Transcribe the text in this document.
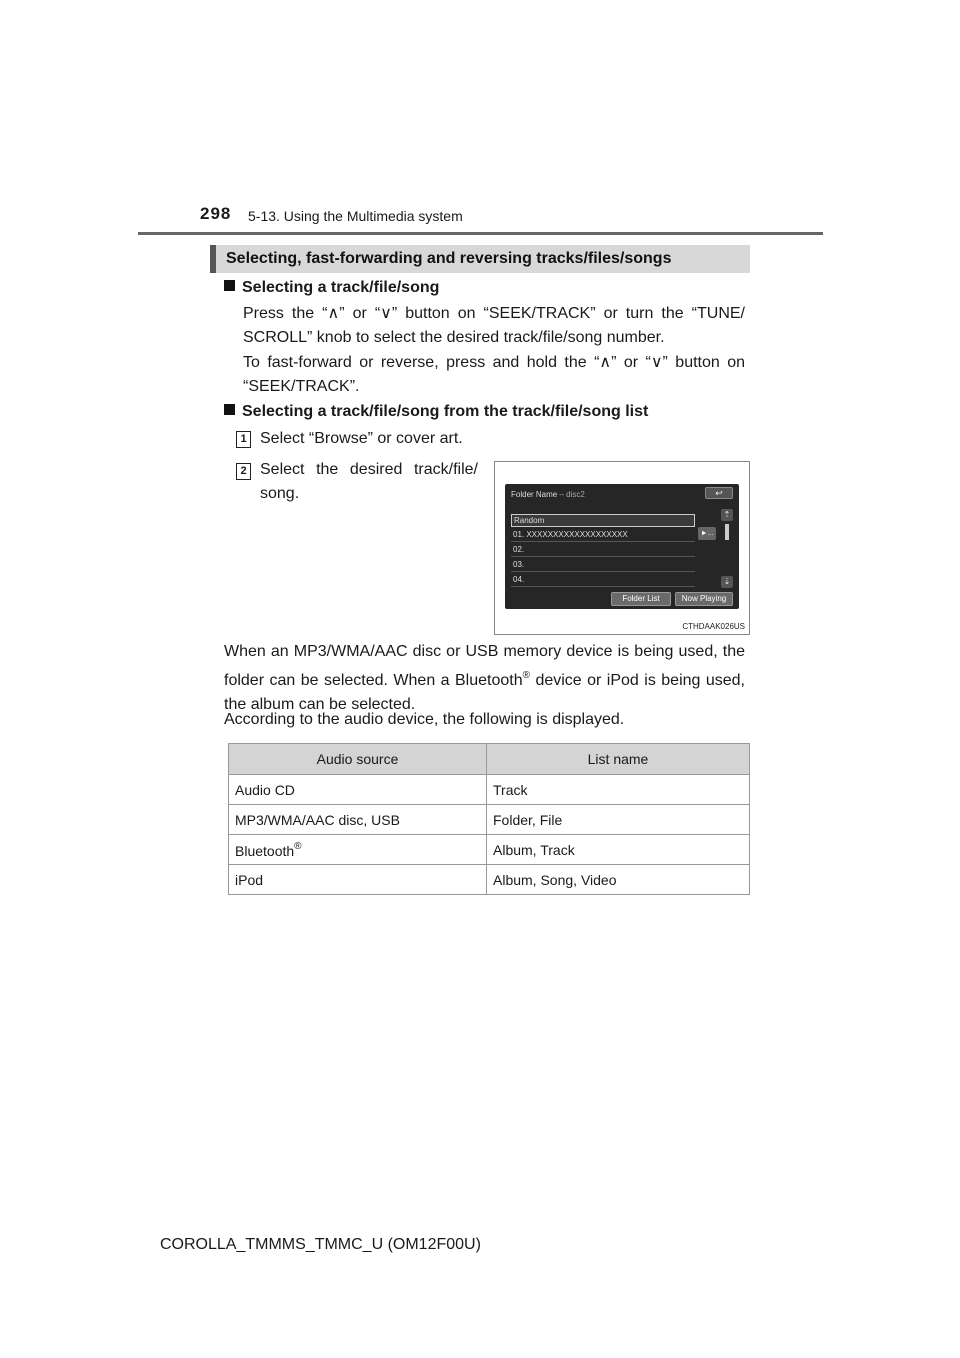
298 5-13. Using the Multimedia system
Selecting, fast-forwarding and reversing tracks/files/songs
Selecting a track/file/song
Press the “∧” or “∨” button on “SEEK/TRACK” or turn the “TUNE/ SCROLL” knob to select the desired track/file/song number.
To fast-forward or reverse, press and hold the “∧” or “∨” button on “SEEK/TRACK”.
Selecting a track/file/song from the track/file/song list
1 Select “Browse” or cover art.
2 Select the desired track/file/ song.	Folder Name – disc2	↩
Random
01. XXXXXXXXXXXXXXXXXXX
02.
03.
04.
►...
⇡
⇣
Folder List	Now Playing
CTHDAAK026US
When an MP3/WMA/AAC disc or USB memory device is being used, the folder can be selected. When a Bluetooth® device or iPod is being used, the album can be selected.
According to the audio device, the following is displayed.
Audio source	List name
Audio CD	Track
MP3/WMA/AAC disc, USB	Folder, File
Bluetooth®	Album, Track
iPod	Album, Song, Video
COROLLA_TMMMS_TMMC_U (OM12F00U)
